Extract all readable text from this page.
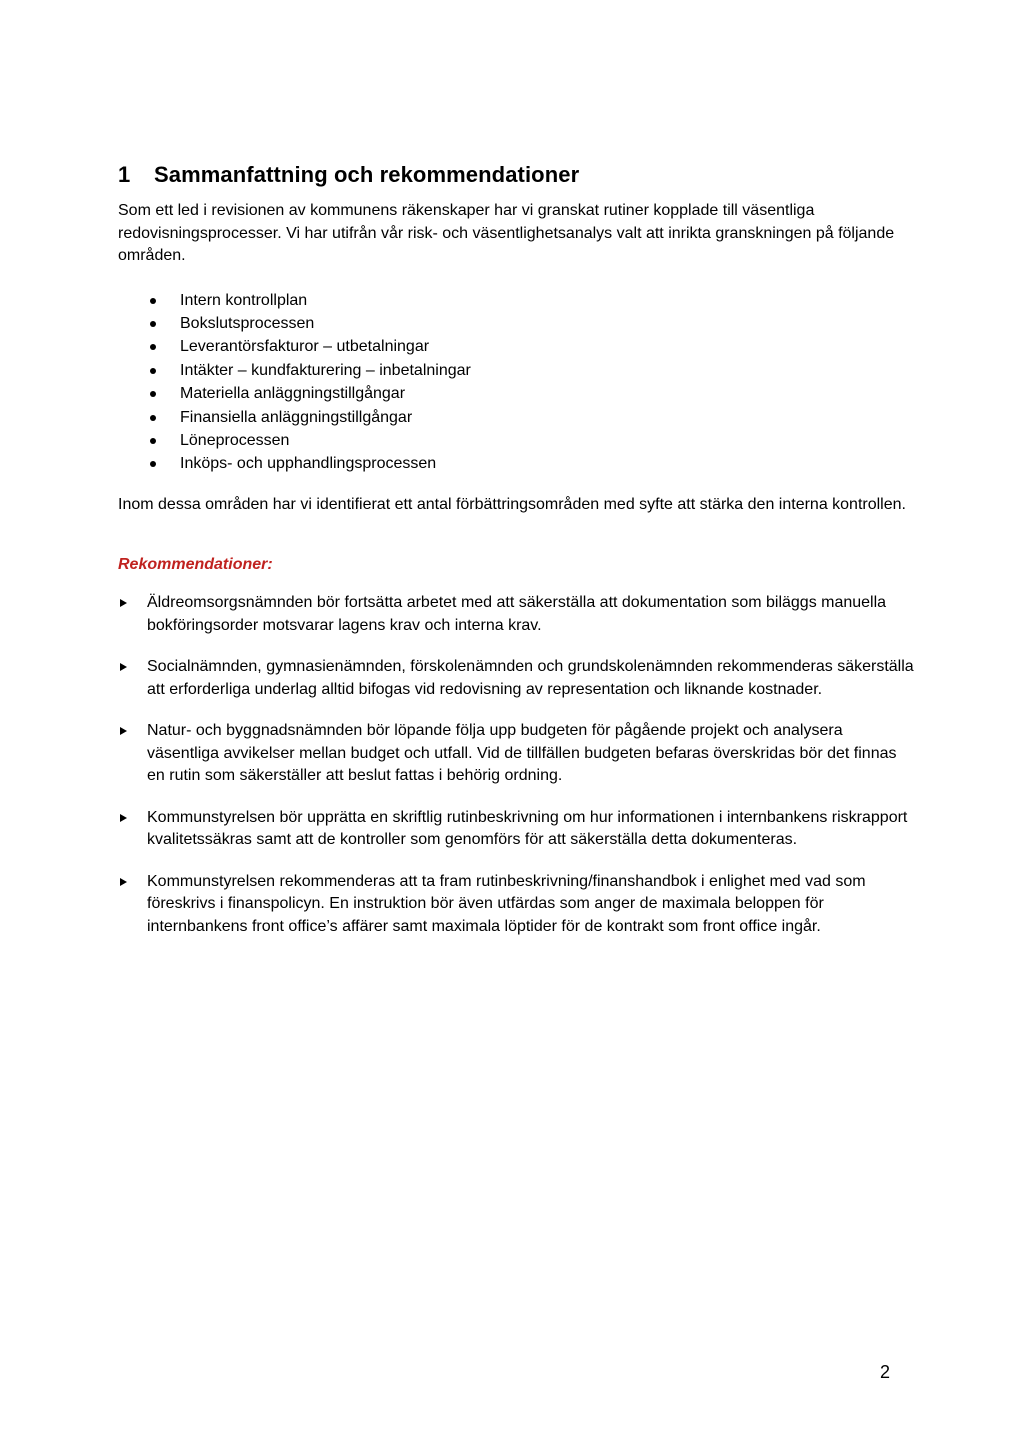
1	Sammanfattning och rekommendationer

Som ett led i revisionen av kommunens räkenskaper har vi granskat rutiner kopplade till väsentliga redovisningsprocesser. Vi har utifrån vår risk- och väsentlighetsanalys valt att inrikta granskningen på följande områden.

Intern kontrollplan
Bokslutsprocessen
Leverantörsfakturor – utbetalningar
Intäkter – kundfakturering – inbetalningar
Materiella anläggningstillgångar
Finansiella anläggningstillgångar
Löneprocessen
Inköps- och upphandlingsprocessen

Inom dessa områden har vi identifierat ett antal förbättringsområden med syfte att stärka den interna kontrollen.

Rekommendationer:
Äldreomsorgsnämnden bör fortsätta arbetet med att säkerställa att dokumentation som biläggs manuella bokföringsorder motsvarar lagens krav och interna krav.
Socialnämnden, gymnasienämnden, förskolenämnden och grundskolenämnden rekommenderas säkerställa att erforderliga underlag alltid bifogas vid redovisning av representation och liknande kostnader.
Natur- och byggnadsnämnden bör löpande följa upp budgeten för pågående projekt och analysera väsentliga avvikelser mellan budget och utfall. Vid de tillfällen budgeten befaras överskridas bör det finnas en rutin som säkerställer att beslut fattas i behörig ordning.
Kommunstyrelsen bör upprätta en skriftlig rutinbeskrivning om hur informationen i internbankens riskrapport kvalitetssäkras samt att de kontroller som genomförs för att säkerställa detta dokumenteras.
Kommunstyrelsen rekommenderas att ta fram rutinbeskrivning/finanshandbok i enlighet med vad som föreskrivs i finanspolicyn. En instruktion bör även utfärdas som anger de maximala beloppen för internbankens front office’s affärer samt maximala löptider för de kontrakt som front office ingår.
2
